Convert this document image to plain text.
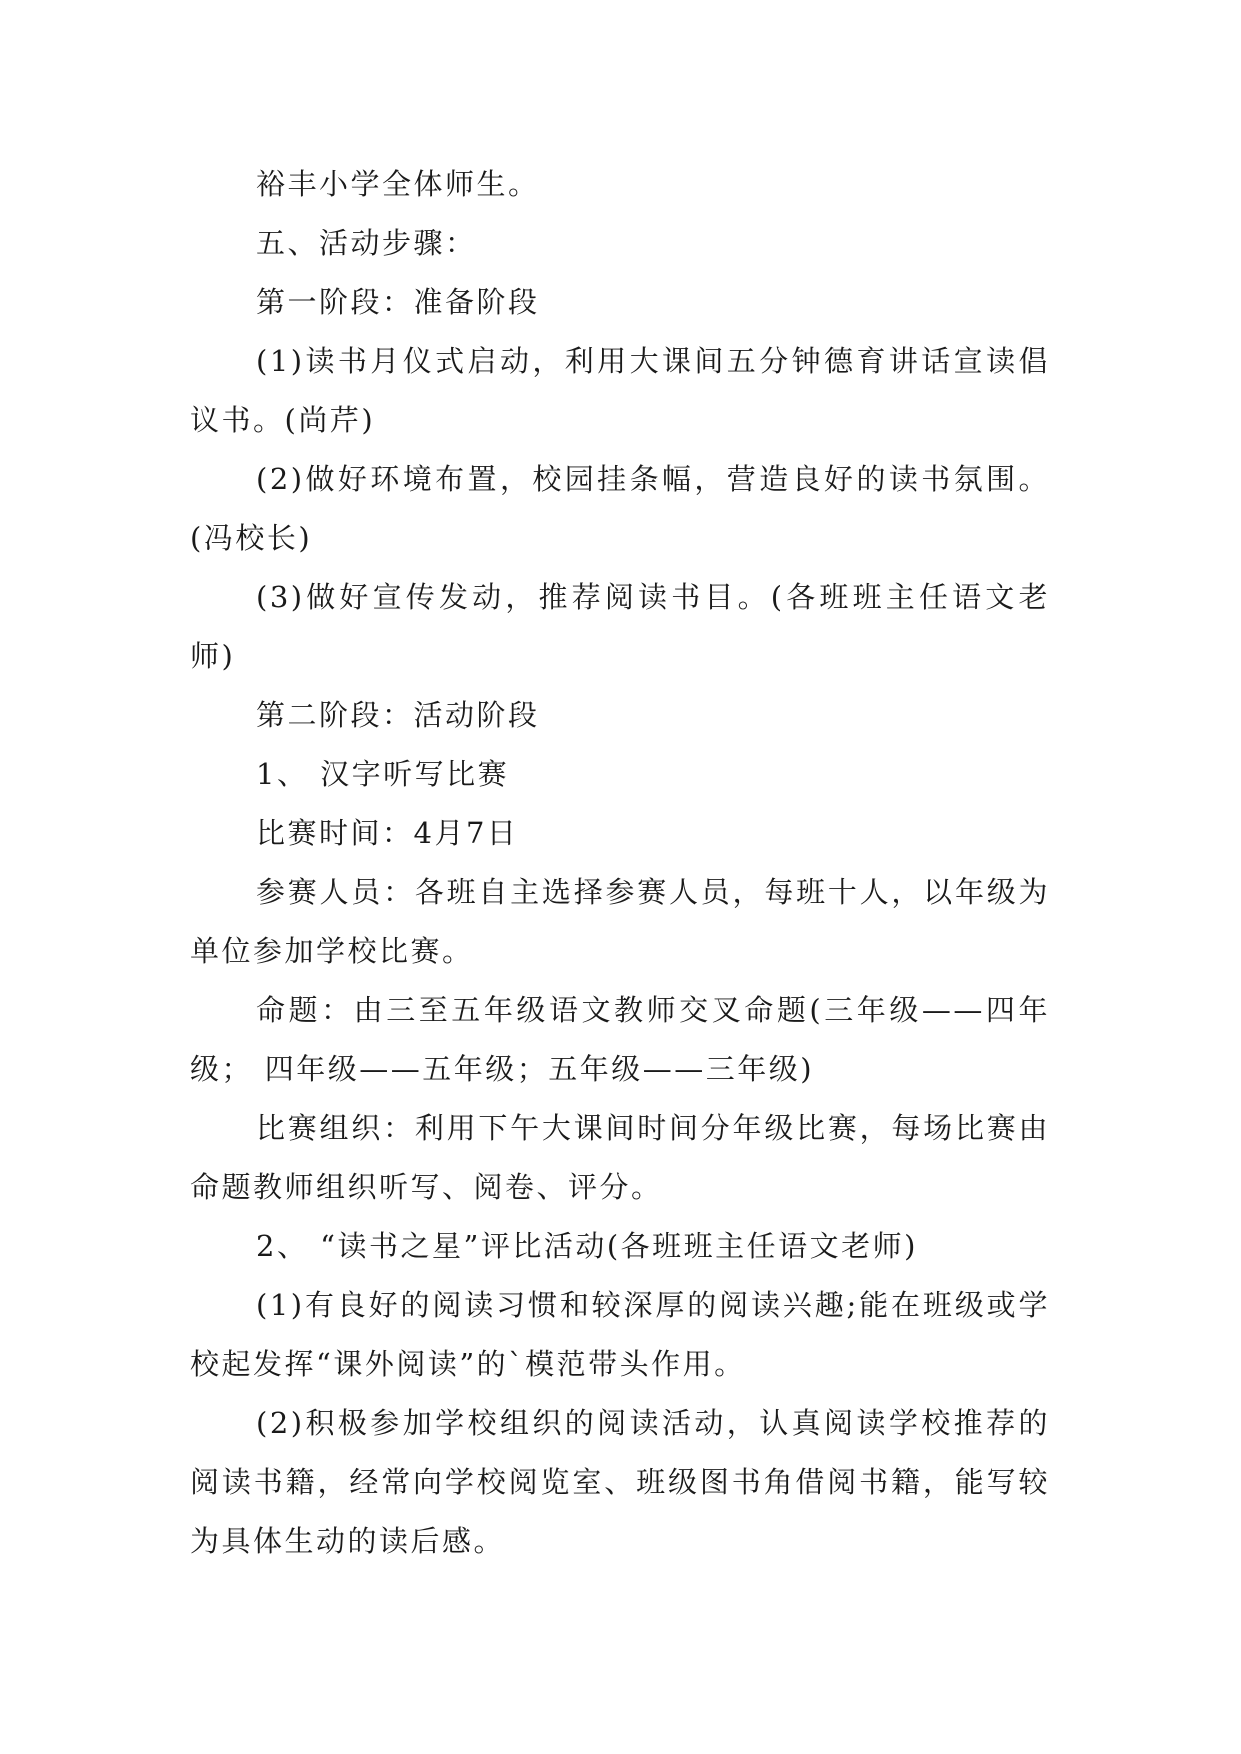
裕丰小学全体师生。

五、活动步骤：

第一阶段：准备阶段

(1)读书月仪式启动，利用大课间五分钟德育讲话宣读倡议书。(尚芹)

(2)做好环境布置，校园挂条幅，营造良好的读书氛围。(冯校长)

(3)做好宣传发动，推荐阅读书目。(各班班主任语文老师)

第二阶段：活动阶段

1、 汉字听写比赛

比赛时间：4月7日

参赛人员：各班自主选择参赛人员，每班十人，以年级为单位参加学校比赛。

命题：由三至五年级语文教师交叉命题(三年级——四年级； 四年级——五年级；五年级——三年级)

比赛组织：利用下午大课间时间分年级比赛，每场比赛由命题教师组织听写、阅卷、评分。

2、 “读书之星”评比活动(各班班主任语文老师)

(1)有良好的阅读习惯和较深厚的阅读兴趣;能在班级或学校起发挥“课外阅读”的`模范带头作用。

(2)积极参加学校组织的阅读活动，认真阅读学校推荐的阅读书籍，经常向学校阅览室、班级图书角借阅书籍，能写较为具体生动的读后感。
